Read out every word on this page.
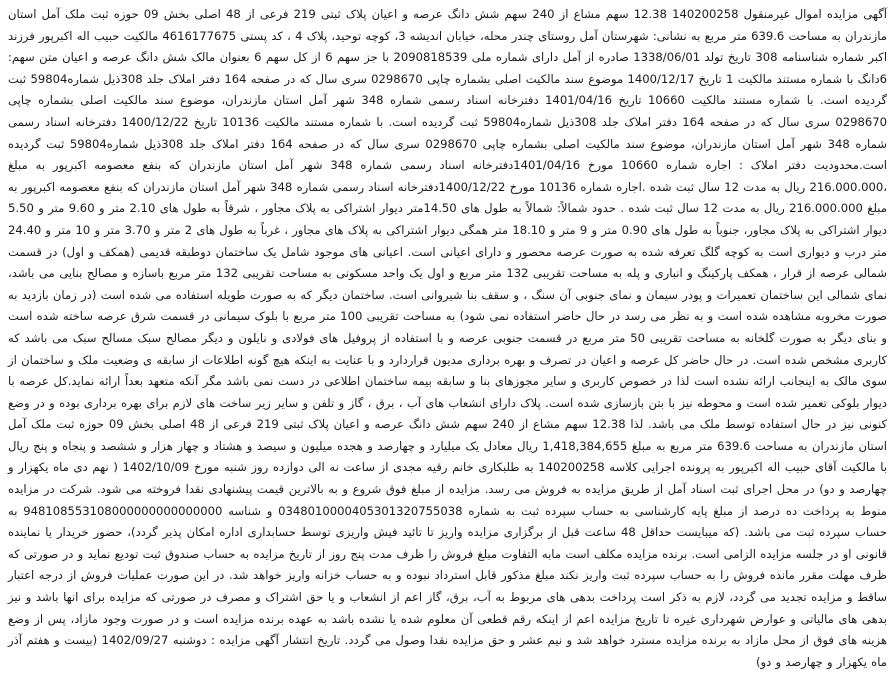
آگهی مزایده اموال غیرمنقول 140200258 12.38 سهم مشاع از 240 سهم شش دانگ عرصه و اعیان پلاک ثبتی 219 فرعی از 48 اصلی بخش 09 حوزه ثبت ملک آمل استان مازندران به مساحت 639.6 متر مربع به نشانی: شهرستان آمل روستای چندر محله، خیابان اندیشه 3، کوچه توحید، پلاک 4 ، کد پستی 4616177675 مالکیت حبیب اله اکبرپور فرزند اکبر شماره شناسنامه 308 تاریخ تولد 1338/06/01 صادره از آمل دارای شماره ملی 2090818539 با جز سهم 6 از کل سهم 6 بعنوان مالک شش دانگ عرصه و اعیان متن سهم: 6دانگ با شماره مستند مالکیت 1 تاریخ 1400/12/17 موضوع سند مالکیت اصلی بشماره چاپی 0298670 سری سال که در صفحه 164 دفتر املاک جلد 308ذیل شماره59804 ثبت گردیده است. با شماره مستند مالکیت 10660 تاریخ 1401/04/16 دفترخانه اسناد رسمی شماره 348 شهر آمل استان مازندران، موضوع سند مالکیت اصلی بشماره چاپی 0298670 سری سال که در صفحه 164 دفتر املاک جلد 308ذیل شماره59804 ثبت گردیده است. با شماره مستند مالکیت 10136 تاریخ 1400/12/22 دفترخانه اسناد رسمی شماره 348 شهر آمل استان مازندران، موضوع سند مالکیت اصلی بشماره چاپی 0298670 سری سال که در صفحه 164 دفتر املاک جلد 308ذیل شماره59804 ثبت گردیده است.محدودیت دفتر املاک : اجاره شماره 10660 مورخ 1401/04/16دفترخانه اسناد رسمی شماره 348 شهر آمل استان مازندران که بنفع معصومه اکبرپور به مبلغ ،216.000.000 ریال به مدت 12 سال ثبت شده .اجاره شماره 10136 مورخ 1400/12/22دفترخانه اسناد رسمی شماره 348 شهر آمل استان مازندران که بنفع معصومه اکبرپور به مبلغ 216.000.000 ریال به مدت 12 سال ثبت شده . حدود شمالاً: شمالاً به طول های 14.50متر دیوار اشتراکی به پلاک مجاور ، شرقاً به طول های 2.10 متر و 9.60 متر و 5.50 دیوار اشتراکی به پلاک مجاور، جنوباً به طول های 0.90 متر و 9 متر و 18.10 متر همگی دیوار اشتراکی به پلاک های مجاور ، غرباً به طول های 2 متر و 3.70 متر و 10 متر و 24.40 متر درب و دیواری است به کوچه گلگ تعرفه شده به صورت عرصه محصور و دارای اعیانی است. اعیانی های موجود شامل یک ساختمان دوطبقه قدیمی (همکف و اول) در قسمت شمالی عرصه از قرار ، همکف پارکینگ و انباری و پله به مساحت تقریبی 132 متر مربع و اول یک واحد مسکونی به مساحت تقریبی 132 متر مربع باسازه و مصالح بنایی می باشد، نمای شمالی این ساختمان تعمیرات و پودر سیمان و نمای جنوبی آن سنگ ، و سقف بنا شیروانی است. ساختمان دیگر که به صورت طویله استفاده می شده است (در زمان بازدید به صورت مخروبه مشاهده شده است و به نظر می رسد در حال حاضر استفاده نمی شود) به مساحت تقریبی 100 متر مربع با بلوک سیمانی در قسمت شرق عرصه ساخته شده است و بنای دیگر به صورت گلخانه به مساحت تقریبی 50 متر مربع در قسمت جنوبی عرصه و با استفاده از پروفیل های فولادی و نایلون و دیگر مصالح سبک مسالح سبک می باشد که کاربری مشخص شده است. در حال حاضر کل عرصه و اعیان در تصرف و بهره برداری مدیون قراردارد و با عنایت به اینکه هیچ گونه اطلاعات از سابقه ی وضعیت ملک و ساختمان از سوی مالک به اینجانب ارائه نشده است لذا در خصوص کاربری و سایر مجوزهای بنا و سابقه بیمه ساختمان اطلاعی در دست نمی باشد مگر آنکه متعهد بعداً ارائه نماید.کل عرصه با دیوار بلوکی تعمیر شده است و محوطه نیز با بتن بازسازی شده است. پلاک دارای انشعاب های آب ، برق ، گاز و تلفن و سایر زیر ساخت های لازم برای بهره برداری بوده و در وضع کنونی نیز در حال استفاده توسط ملک می باشد. لذا 12.38 سهم مشاع از 240 سهم شش دانگ عرصه و اعیان پلاک ثبتی 219 فرعی از 48 اصلی بخش 09 حوزه ثبت ملک آمل استان مازندران به مساحت 639.6 متر مربع به مبلغ 1,418,384,655 ریال معادل یک میلیارد و چهارصد و هجده میلیون و سیصد و هشتاد و چهار هزار و ششصد و پنجاه و پنج ریال با مالکیت آقای حبیب اله اکبرپور به پرونده اجرایی کلاسه 140200258 به طلبکاری خانم رقیه مجدی از ساعت نه الی دوازده روز شنبه مورخ 1402/10/09 ( نهم دی ماه یکهزار و چهارصد و دو) در محل اجرای ثبت اسناد آمل از طریق مزایده به فروش می رسد. مزایده از مبلغ فوق شروع و به بالاترین قیمت پیشنهادی نقدا فروخته می شود. شرکت در مزایده منوط به پرداخت ده درصد از مبلغ پایه کارشناسی به حساب سپرده ثبت به شماره 0348010000405301320755038 و شناسه 948108553108000000000000000 به حساب سپرده ثبت می باشد. (که میبایست حداقل 48 ساعت قبل از برگزاری مزایده واریز تا تائید فیش واریزی توسط حسابداری اداره امکان پذیر گردد)، حضور خریدار یا نماینده قانونی او در جلسه مزایده الزامی است. برنده مزایده مکلف است مابه التفاوت مبلغ فروش را ظرف مدت پنج روز از تاریخ مزایده به حساب صندوق ثبت تودیع نماید و در صورتی که ظرف مهلت مقرر مانده فروش را به حساب سپرده ثبت واریز نکند مبلغ مذکور قابل استرداد نبوده و به حساب خزانه واریز خواهد شد. در این صورت عملیات فروش از درجه اعتبار ساقط و مزایده تجدید می گردد، لازم به ذکر است پرداخت بدهی های مربوط به آب، برق، گاز اعم از انشعاب و یا حق اشتراک و مصرف در صورتی که مزایده برای انها باشد و نیز بدهی های مالیاتی و عوارض شهرداری غیره تا تاریخ مزایده اعم از اینکه رقم قطعی آن معلوم شده یا نشده باشد به عهده برنده مزایده است و در صورت وجود مازاد، پس از وضع هزینه های فوق از محل مازاد به برنده مزایده مسترد خواهد شد و نیم عشر و حق مزایده نقدا وصول می گردد. تاریخ انتشار آگهی مزایده : دوشنبه 1402/09/27 (بیست و هفتم آذر ماه یکهزار و چهارصد و دو)
